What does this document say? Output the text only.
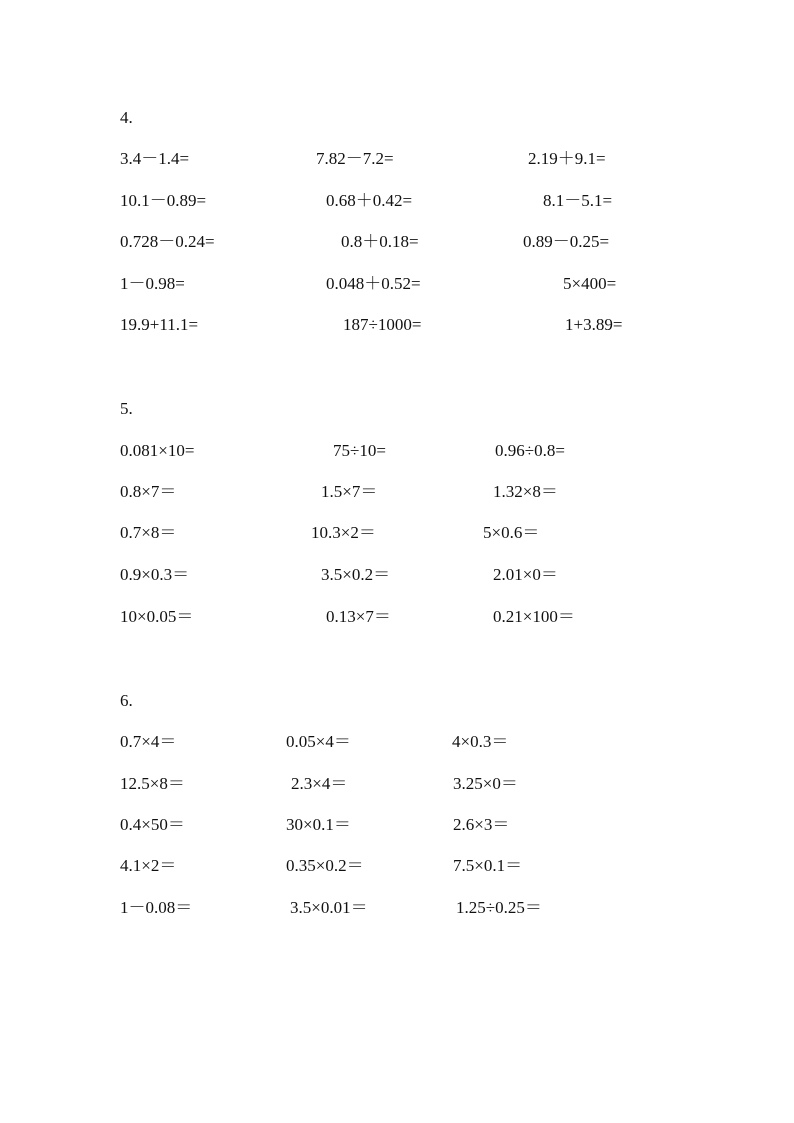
4.
3.4－1.4=	7.82－7.2=	2.19＋9.1=
10.1－0.89=	0.68＋0.42=	8.1－5.1=
0.728－0.24=	0.8＋0.18=	0.89－0.25=
1－0.98=	0.048＋0.52=	5×400=
19.9+11.1=	187÷1000=	1+3.89=
5.
0.081×10=	75÷10=	0.96÷0.8=
0.8×7＝	1.5×7＝	1.32×8＝
0.7×8＝	10.3×2＝	5×0.6＝
0.9×0.3＝	3.5×0.2＝	2.01×0＝
10×0.05＝	0.13×7＝	0.21×100＝
6.
0.7×4＝	0.05×4＝	4×0.3＝
12.5×8＝	2.3×4＝	3.25×0＝
0.4×50＝	30×0.1＝	2.6×3＝
4.1×2＝	0.35×0.2＝	7.5×0.1＝
1－0.08＝	3.5×0.01＝	1.25÷0.25＝
